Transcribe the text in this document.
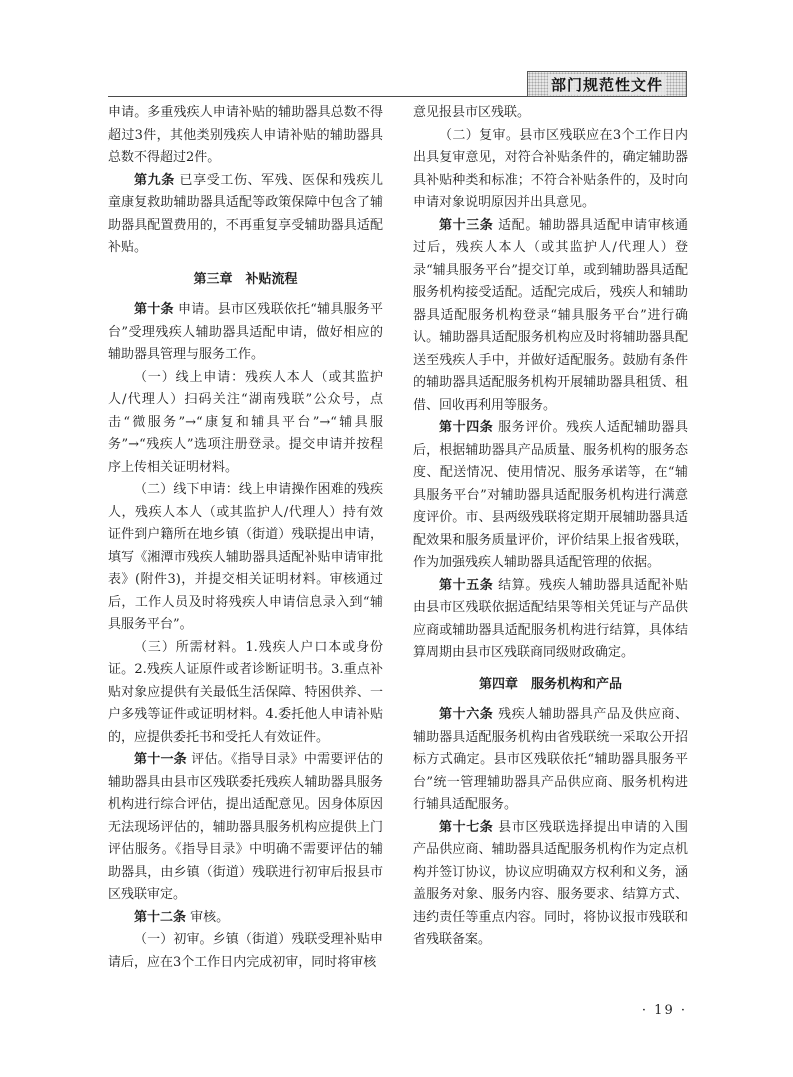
部门规范性文件

申请。多重残疾人申请补贴的辅助器具总数不得超过3件，其他类别残疾人申请补贴的辅助器具总数不得超过2件。

第九条 已享受工伤、军残、医保和残疾儿童康复救助辅助器具适配等政策保障中包含了辅助器具配置费用的，不再重复享受辅助器具适配补贴。

第三章　补贴流程

第十条 申请。县市区残联依托“辅具服务平台”受理残疾人辅助器具适配申请，做好相应的辅助器具管理与服务工作。

（一）线上申请：残疾人本人（或其监护人/代理人）扫码关注“湖南残联”公众号，点击“微服务”→“康复和辅具平台”→“辅具服务”→“残疾人”选项注册登录。提交申请并按程序上传相关证明材料。

（二）线下申请：线上申请操作困难的残疾人，残疾人本人（或其监护人/代理人）持有效证件到户籍所在地乡镇（街道）残联提出申请，填写《湘潭市残疾人辅助器具适配补贴申请审批表》(附件3)，并提交相关证明材料。审核通过后，工作人员及时将残疾人申请信息录入到“辅具服务平台”。

（三）所需材料。1.残疾人户口本或身份证。2.残疾人证原件或者诊断证明书。3.重点补贴对象应提供有关最低生活保障、特困供养、一户多残等证件或证明材料。4.委托他人申请补贴的，应提供委托书和受托人有效证件。

第十一条 评估。《指导目录》中需要评估的辅助器具由县市区残联委托残疾人辅助器具服务机构进行综合评估，提出适配意见。因身体原因无法现场评估的，辅助器具服务机构应提供上门评估服务。《指导目录》中明确不需要评估的辅助器具，由乡镇（街道）残联进行初审后报县市区残联审定。

第十二条 审核。

（一）初审。乡镇（街道）残联受理补贴申请后，应在3个工作日内完成初审，同时将审核

意见报县市区残联。

（二）复审。县市区残联应在3个工作日内出具复审意见，对符合补贴条件的，确定辅助器具补贴种类和标准；不符合补贴条件的，及时向申请对象说明原因并出具意见。

第十三条 适配。辅助器具适配申请审核通过后，残疾人本人（或其监护人/代理人）登录“辅具服务平台”提交订单，或到辅助器具适配服务机构接受适配。适配完成后，残疾人和辅助器具适配服务机构登录“辅具服务平台”进行确认。辅助器具适配服务机构应及时将辅助器具配送至残疾人手中，并做好适配服务。鼓励有条件的辅助器具适配服务机构开展辅助器具租赁、租借、回收再利用等服务。

第十四条 服务评价。残疾人适配辅助器具后，根据辅助器具产品质量、服务机构的服务态度、配送情况、使用情况、服务承诺等，在“辅具服务平台”对辅助器具适配服务机构进行满意度评价。市、县两级残联将定期开展辅助器具适配效果和服务质量评价，评价结果上报省残联，作为加强残疾人辅助器具适配管理的依据。

第十五条 结算。残疾人辅助器具适配补贴由县市区残联依据适配结果等相关凭证与产品供应商或辅助器具适配服务机构进行结算，具体结算周期由县市区残联商同级财政确定。

第四章　服务机构和产品

第十六条 残疾人辅助器具产品及供应商、辅助器具适配服务机构由省残联统一采取公开招标方式确定。县市区残联依托“辅助器具服务平台”统一管理辅助器具产品供应商、服务机构进行辅具适配服务。

第十七条 县市区残联选择提出申请的入围产品供应商、辅助器具适配服务机构作为定点机构并签订协议，协议应明确双方权利和义务，涵盖服务对象、服务内容、服务要求、结算方式、违约责任等重点内容。同时，将协议报市残联和省残联备案。

· 19 ·
